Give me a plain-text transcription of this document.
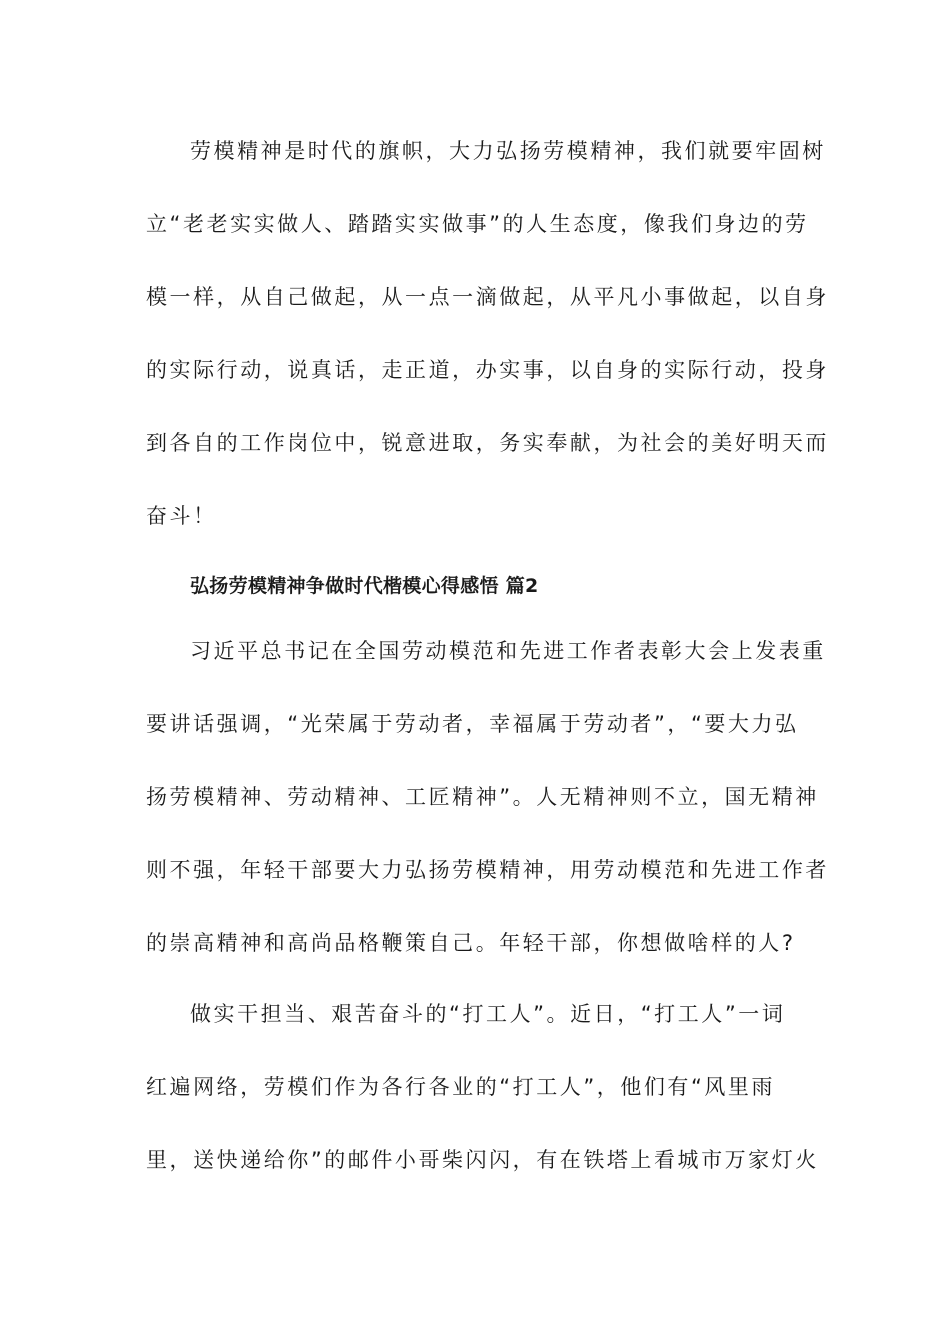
劳模精神是时代的旗帜，大力弘扬劳模精神，我们就要牢固树
立“老老实实做人、踏踏实实做事”的人生态度，像我们身边的劳
模一样，从自己做起，从一点一滴做起，从平凡小事做起，以自身
的实际行动，说真话，走正道，办实事，以自身的实际行动，投身
到各自的工作岗位中，锐意进取，务实奉献，为社会的美好明天而
奋斗！
弘扬劳模精神争做时代楷模心得感悟 篇2
习近平总书记在全国劳动模范和先进工作者表彰大会上发表重
要讲话强调，“光荣属于劳动者，幸福属于劳动者”，“要大力弘
扬劳模精神、劳动精神、工匠精神”。人无精神则不立，国无精神
则不强，年轻干部要大力弘扬劳模精神，用劳动模范和先进工作者
的崇高精神和高尚品格鞭策自己。年轻干部，你想做啥样的人?
做实干担当、艰苦奋斗的“打工人”。近日，“打工人”一词
红遍网络，劳模们作为各行各业的“打工人”，他们有“风里雨
里，送快递给你”的邮件小哥柴闪闪，有在铁塔上看城市万家灯火
